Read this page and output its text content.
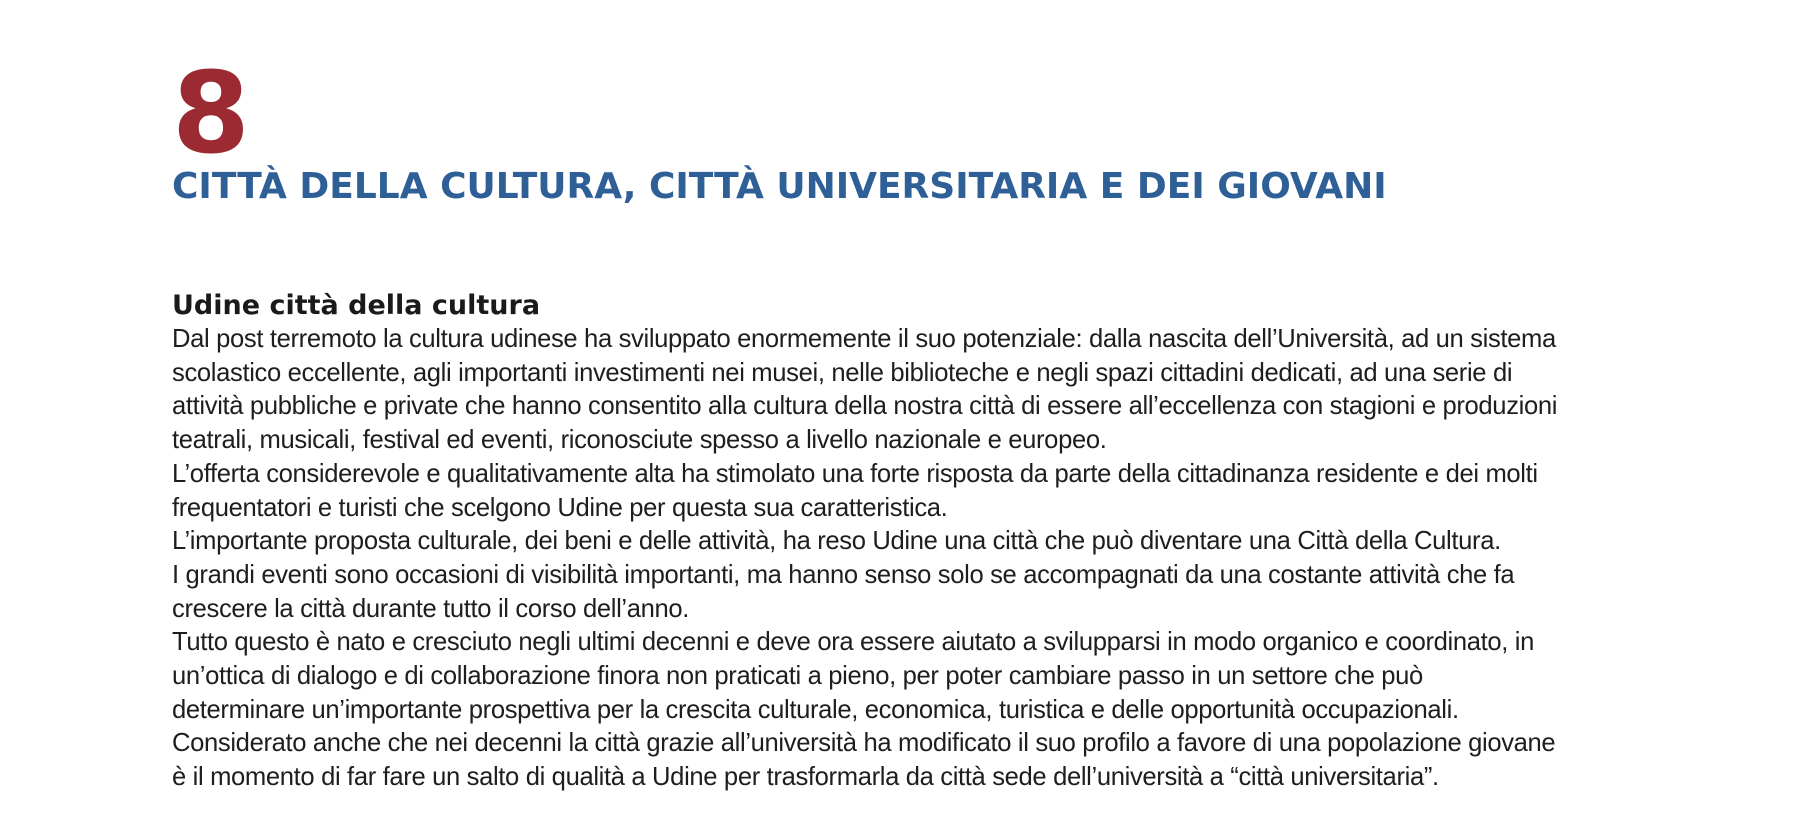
8
CITTÀ DELLA CULTURA, CITTÀ UNIVERSITARIA E DEI GIOVANI
Udine città della cultura

Dal post terremoto la cultura udinese ha sviluppato enormemente il suo potenziale: dalla nascita dell’Università, ad un sistema
scolastico eccellente, agli importanti investimenti nei musei, nelle biblioteche e negli spazi cittadini dedicati, ad una serie di
attività pubbliche e private che hanno consentito alla cultura della nostra città di essere all’eccellenza con stagioni e produzioni
teatrali, musicali, festival ed eventi, riconosciute spesso a livello nazionale e europeo.

L’offerta considerevole e qualitativamente alta ha stimolato una forte risposta da parte della cittadinanza residente e dei molti
frequentatori e turisti che scelgono Udine per questa sua caratteristica.

L’importante proposta culturale, dei beni e delle attività, ha reso Udine una città che può diventare una Città della Cultura.

I grandi eventi sono occasioni di visibilità importanti, ma hanno senso solo se accompagnati da una costante attività che fa
crescere la città durante tutto il corso dell’anno.

Tutto questo è nato e cresciuto negli ultimi decenni e deve ora essere aiutato a svilupparsi in modo organico e coordinato, in
un’ottica di dialogo e di collaborazione finora non praticati a pieno, per poter cambiare passo in un settore che può
determinare un’importante prospettiva per la crescita culturale, economica, turistica e delle opportunità occupazionali.

Considerato anche che nei decenni la città grazie all’università ha modificato il suo profilo a favore di una popolazione giovane
è il momento di far fare un salto di qualità a Udine per trasformarla da città sede dell’università a “città universitaria”.
